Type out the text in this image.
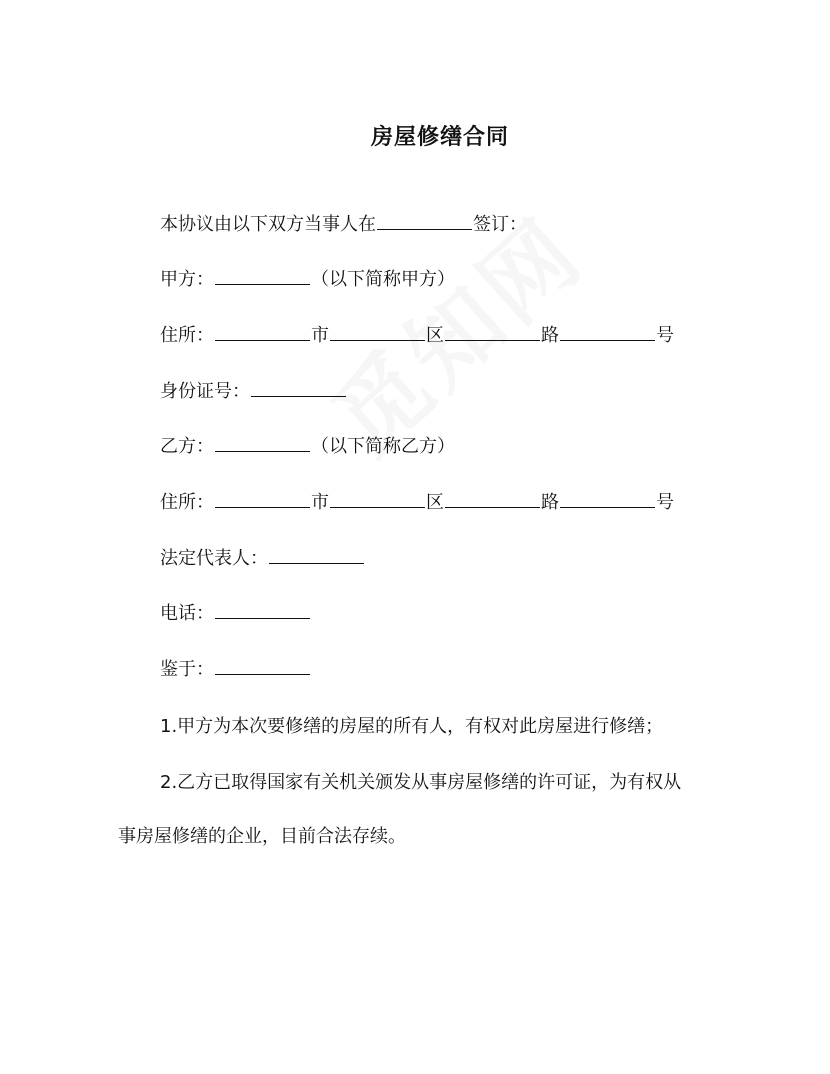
房屋修缮合同
本协议由以下双方当事人在	签订：
甲方：	（以下简称甲方）
住所：	市	区	路	号
身份证号：
乙方：	（以下简称乙方）
住所：	市	区	路	号
法定代表人：
电话：
鉴于：

1.甲方为本次要修缮的房屋的所有人，有权对此房屋进行修缮；

2.乙方已取得国家有关机关颁发从事房屋修缮的许可证，为有权从事房屋修缮的企业，目前合法存续。
